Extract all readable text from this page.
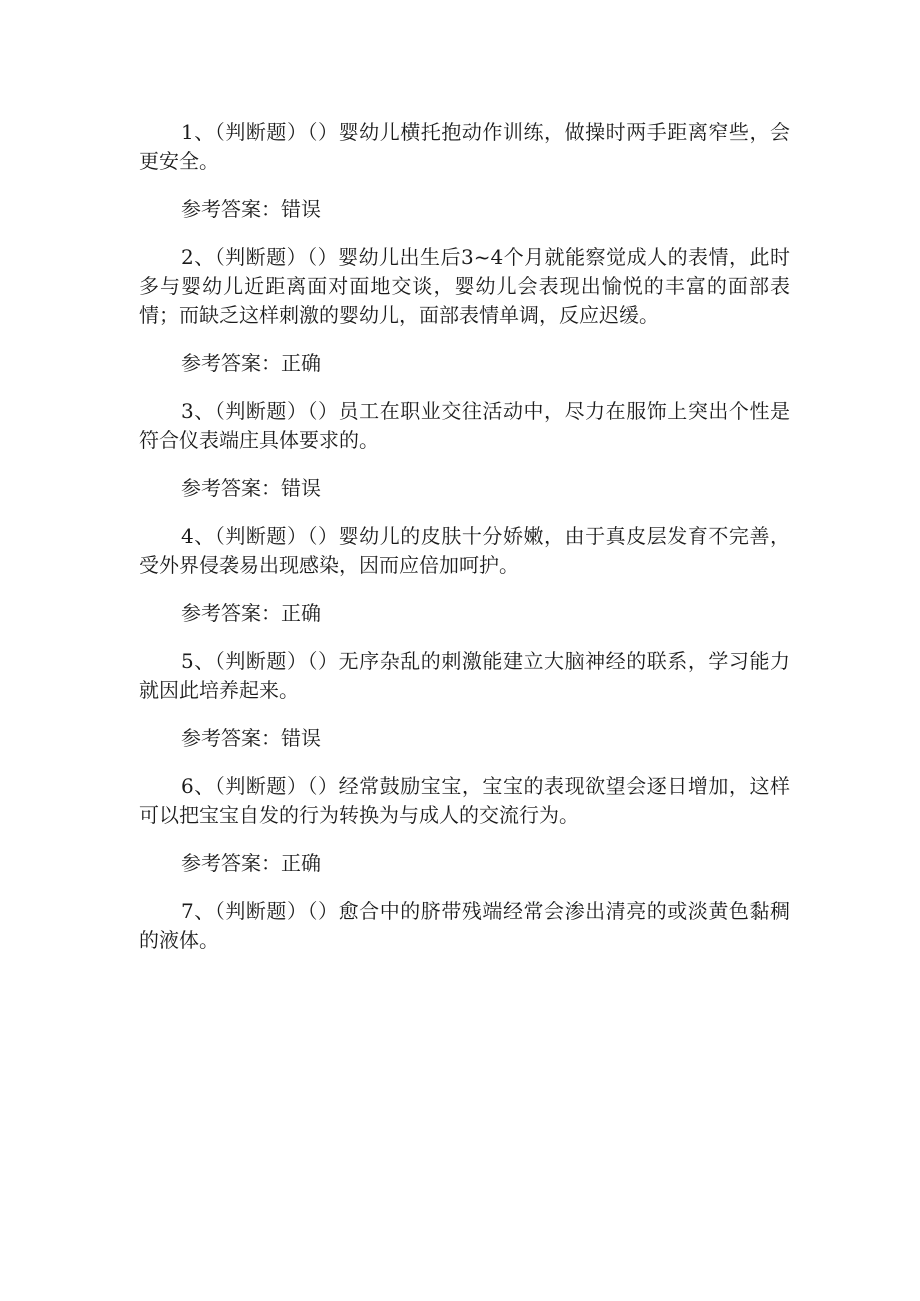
1、（判断题）（）婴幼儿横托抱动作训练，做操时两手距离窄些，会更安全。

参考答案：错误

2、（判断题）（）婴幼儿出生后3~4个月就能察觉成人的表情，此时多与婴幼儿近距离面对面地交谈，婴幼儿会表现出愉悦的丰富的面部表情；而缺乏这样刺激的婴幼儿，面部表情单调，反应迟缓。

参考答案：正确

3、（判断题）（）员工在职业交往活动中，尽力在服饰上突出个性是符合仪表端庄具体要求的。

参考答案：错误

4、（判断题）（）婴幼儿的皮肤十分娇嫩，由于真皮层发育不完善，受外界侵袭易出现感染，因而应倍加呵护。

参考答案：正确

5、（判断题）（）无序杂乱的刺激能建立大脑神经的联系，学习能力就因此培养起来。

参考答案：错误

6、（判断题）（）经常鼓励宝宝，宝宝的表现欲望会逐日增加，这样可以把宝宝自发的行为转换为与成人的交流行为。

参考答案：正确

7、（判断题）（）愈合中的脐带残端经常会渗出清亮的或淡黄色黏稠的液体。
